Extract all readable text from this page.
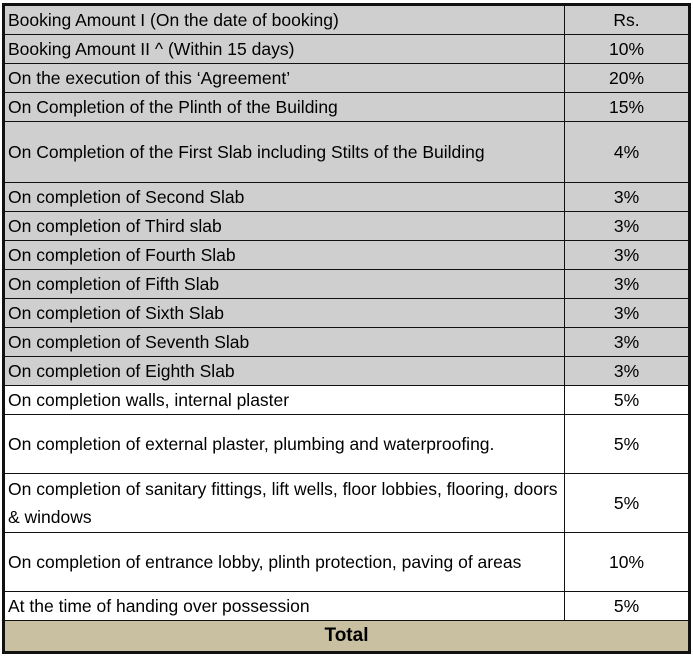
Booking Amount I (On the date of booking)	Rs.
Booking Amount II ^ (Within 15 days)	10%
On the execution of this ‘Agreement’	20%
On Completion of the Plinth of the Building	15%
On Completion of the First Slab including Stilts of the Building	4%
On completion of Second Slab	3%
On completion of Third slab	3%
On completion of Fourth Slab	3%
On completion of Fifth Slab	3%
On completion of Sixth Slab	3%
On completion of Seventh Slab	3%
On completion of Eighth Slab	3%
On completion walls, internal plaster	5%
On completion of external plaster, plumbing and waterproofing.	5%
On completion of sanitary fittings, lift wells, floor lobbies, flooring, doors & windows	5%
On completion of entrance lobby, plinth protection, paving of areas	10%
At the time of handing over possession	5%
Total	
